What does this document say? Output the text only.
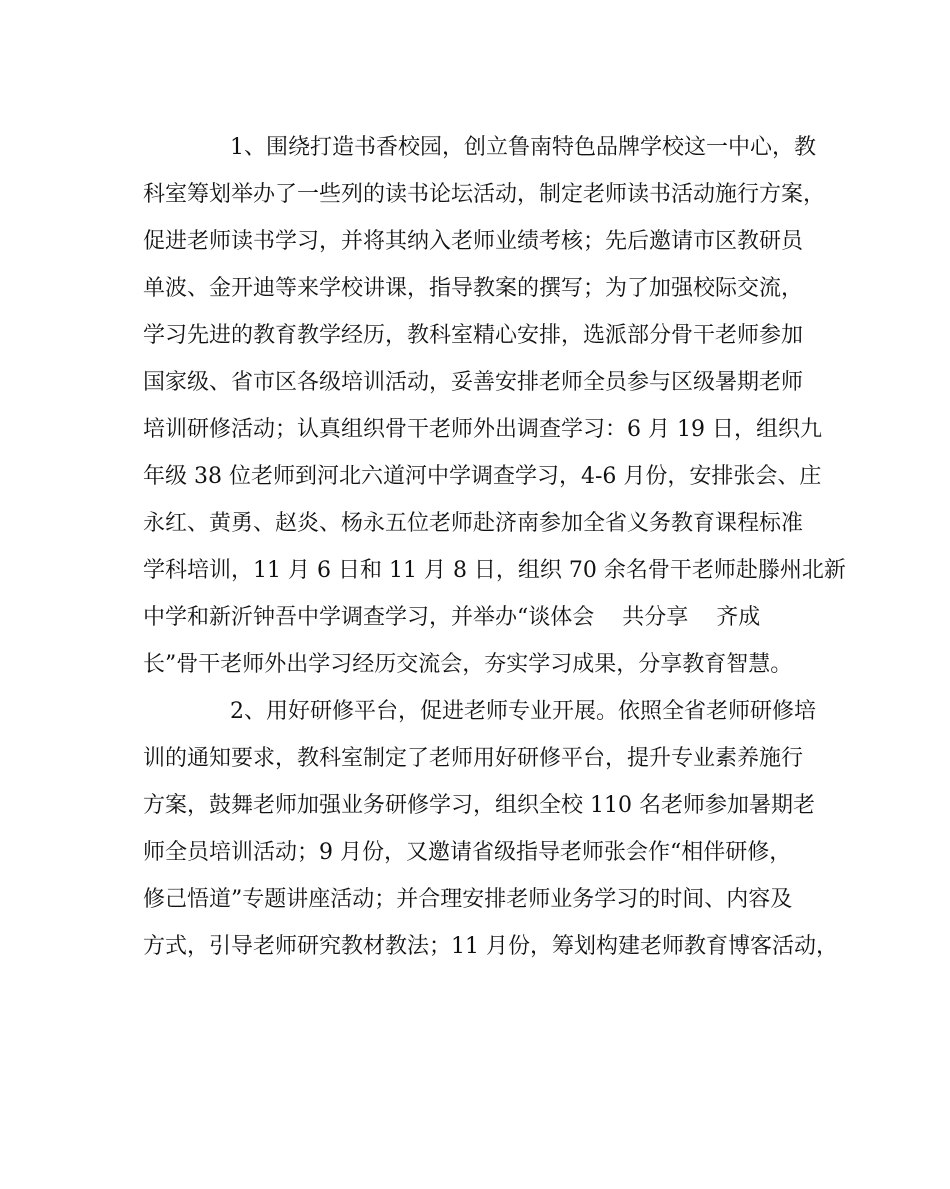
1、围绕打造书香校园，创立鲁南特色品牌学校这一中心，教
科室筹划举办了一些列的读书论坛活动，制定老师读书活动施行方案，
促进老师读书学习，并将其纳入老师业绩考核；先后邀请市区教研员
单波、金开迪等来学校讲课，指导教案的撰写；为了加强校际交流，
学习先进的教育教学经历，教科室精心安排，选派部分骨干老师参加
国家级、省市区各级培训活动，妥善安排老师全员参与区级暑期老师
培训研修活动；认真组织骨干老师外出调查学习：6 月 19 日，组织九
年级 38 位老师到河北六道河中学调查学习，4-6 月份，安排张会、庄
永红、黄勇、赵炎、杨永五位老师赴济南参加全省义务教育课程标准
学科培训，11 月 6 日和 11 月 8 日，组织 70 余名骨干老师赴滕州北新
中学和新沂钟吾中学调查学习，并举办“谈体会    共分享    齐成
长”骨干老师外出学习经历交流会，夯实学习成果，分享教育智慧。
2、用好研修平台，促进老师专业开展。依照全省老师研修培
训的通知要求，教科室制定了老师用好研修平台，提升专业素养施行
方案，鼓舞老师加强业务研修学习，组织全校 110 名老师参加暑期老
师全员培训活动；9 月份，又邀请省级指导老师张会作“相伴研修，
修己悟道”专题讲座活动；并合理安排老师业务学习的时间、内容及
方式，引导老师研究教材教法；11 月份，筹划构建老师教育博客活动，
